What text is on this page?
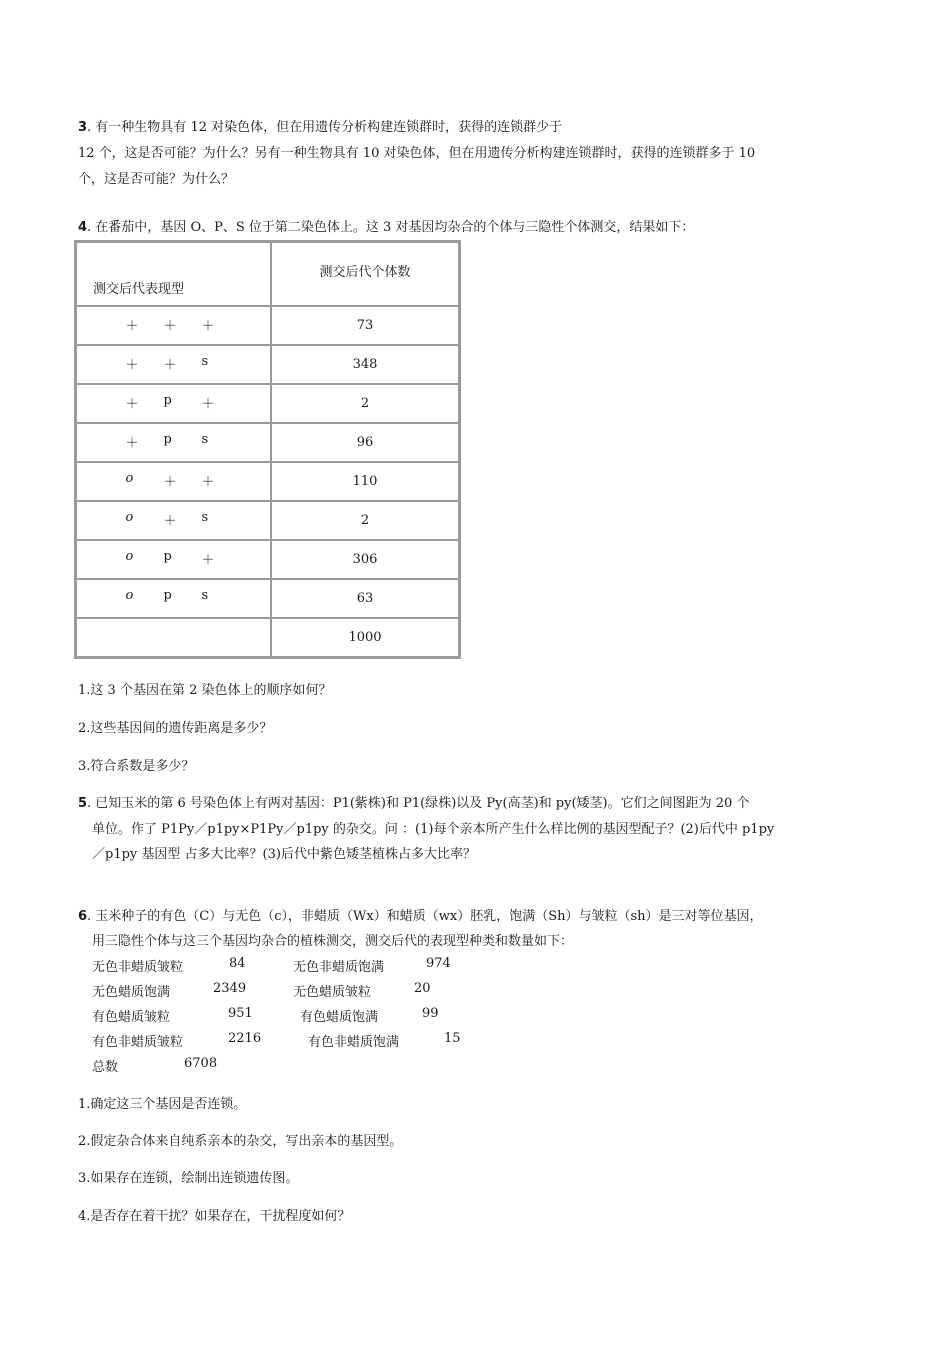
3. 有一种生物具有 12 对染色体，但在用遗传分析构建连锁群时，获得的连锁群少于
12 个，这是否可能？为什么？另有一种生物具有 10 对染色体，但在用遗传分析构建连锁群时，获得的连锁群多于 10
个，这是否可能？为什么？
4. 在番茄中，基因 O、P、S 位于第二染色体上。这 3 对基因均杂合的个体与三隐性个体测交，结果如下：
测交后代表现型	测交后代个体数

＋ ＋ ＋	73

＋ ＋ s	348

＋ p ＋	2

＋ p s	96

o ＋ ＋	110

o ＋ s	2

o p ＋	306

o p s	63
	1000
1.这 3 个基因在第 2 染色体上的顺序如何？
2.这些基因间的遗传距离是多少？
3.符合系数是多少？
5. 已知玉米的第 6 号染色体上有两对基因：P1(紫株)和 P1(绿株)以及 Py(高茎)和 py(矮茎)。它们之间图距为 20 个
单位。作了 P1Py／p1py×P1Py／p1py 的杂交。问 ：(1)每个亲本所产生什么样比例的基因型配子？(2)后代中 p1py
／p1py 基因型 占多大比率？(3)后代中紫色矮茎植株占多大比率？
6. 玉米种子的有色（C）与无色（c），非蜡质（Wx）和蜡质（wx）胚乳，饱满（Sh）与皱粒（sh）是三对等位基因，
用三隐性个体与这三个基因均杂合的植株测交，测交后代的表现型种类和数量如下：
无色非蜡质皱粒	84	无色非蜡质饱满	974
无色蜡质饱满	2349	无色蜡质皱粒	20
有色蜡质皱粒	951	有色蜡质饱满	99
有色非蜡质皱粒	2216	有色非蜡质饱满	15
总数	6708
1.确定这三个基因是否连锁。
2.假定杂合体来自纯系亲本的杂交，写出亲本的基因型。
3.如果存在连锁，绘制出连锁遗传图。
4.是否存在着干扰？如果存在，干扰程度如何？
